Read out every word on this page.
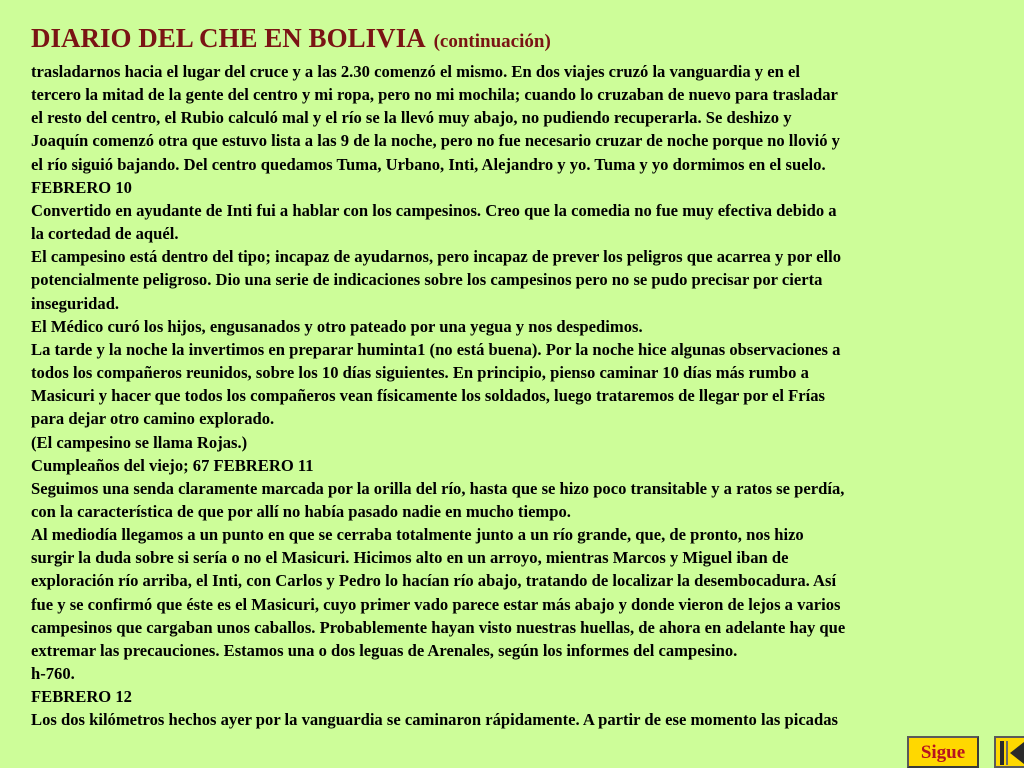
DIARIO DEL CHE EN BOLIVIA (continuación)
trasladarnos hacia el lugar del cruce y a las 2.30 comenzó el mismo. En dos viajes cruzó la vanguardia y en el
tercero la mitad de la gente del centro y mi ropa, pero no mi mochila; cuando lo cruzaban de nuevo para trasladar
el resto del centro, el Rubio calculó mal y el río se la llevó muy abajo, no pudiendo recuperarla. Se deshizo y
Joaquín comenzó otra que estuvo lista a las 9 de la noche, pero no fue necesario cruzar de noche porque no llovió y
el río siguió bajando. Del centro quedamos Tuma, Urbano, Inti, Alejandro y yo. Tuma y yo dormimos en el suelo.
FEBRERO 10
Convertido en ayudante de Inti fui a hablar con los campesinos. Creo que la comedia no fue muy efectiva debido a
la cortedad de aquél.
El campesino está dentro del tipo; incapaz de ayudarnos, pero incapaz de prever los peligros que acarrea y por ello
potencialmente peligroso. Dio una serie de indicaciones sobre los campesinos pero no se pudo precisar por cierta
inseguridad.
El Médico curó los hijos, engusanados y otro pateado por una yegua y nos despedimos.
La tarde y la noche la invertimos en preparar huminta1 (no está buena). Por la noche hice algunas observaciones a
todos los compañeros reunidos, sobre los 10 días siguientes. En principio, pienso caminar 10 días más rumbo a
Masicuri y hacer que todos los compañeros vean físicamente los soldados, luego trataremos de llegar por el Frías
para dejar otro camino explorado.
(El campesino se llama Rojas.)
Cumpleaños del viejo; 67 FEBRERO 11
Seguimos una senda claramente marcada por la orilla del río, hasta que se hizo poco transitable y a ratos se perdía,
con la característica de que por allí no había pasado nadie en mucho tiempo.
Al mediodía llegamos a un punto en que se cerraba totalmente junto a un río grande, que, de pronto, nos hizo
surgir la duda sobre si sería o no el Masicuri. Hicimos alto en un arroyo, mientras Marcos y Miguel iban de
exploración río arriba, el Inti, con Carlos y Pedro lo hacían río abajo, tratando de localizar la desembocadura. Así
fue y se confirmó que éste es el Masicuri, cuyo primer vado parece estar más abajo y donde vieron de lejos a varios
campesinos que cargaban unos caballos. Probablemente hayan visto nuestras huellas, de ahora en adelante hay que
extremar las precauciones. Estamos una o dos leguas de Arenales, según los informes del campesino.
h-760.
FEBRERO 12
Los dos kilómetros hechos ayer por la vanguardia se caminaron rápidamente. A partir de ese momento las picadas
Sigue
